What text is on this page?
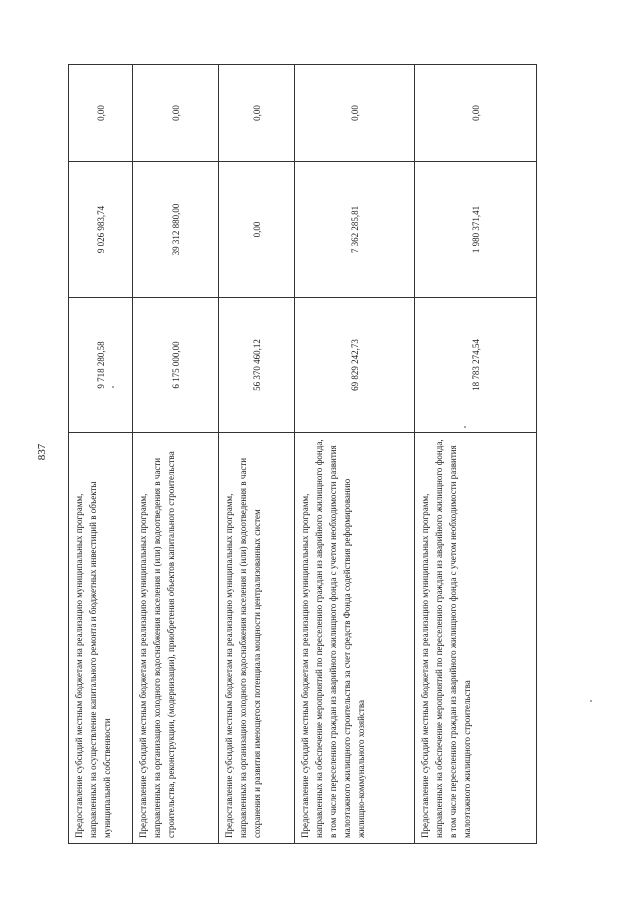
837
Предоставление субсидий местным бюджетам на реализацию муниципальных программ, направленных на осуществление капитального ремонта и бюджетных инвестиций в объекты муниципальной собственности	9 718 280,58	9 026 983,74	0,00
Предоставление субсидий местным бюджетам на реализацию муниципальных программ, направленных на организацию холодного водоснабжения населения и (или) водоотведения в части строительства, реконструкции, (модернизации), приобретения объектов капитального строительства	6 175 000,00	39 312 880,00	0,00
Предоставление субсидий местным бюджетам на реализацию муниципальных программ, направленных на организацию холодного водоснабжения населения и (или) водоотведения в части сохранения и развития имеющегося потенциала мощности централизованных систем	56 370 460,12	0,00	0,00
Предоставление субсидий местным бюджетам на реализацию муниципальных программ, направленных на обеспечение мероприятий по переселению граждан из аварийного жилищного фонда, в том числе переселению граждан из аварийного жилищного фонда с учетом необходимости развития малоэтажного жилищного строительства за счет средств Фонда содействия реформированию жилищно-коммунального хозяйства	69 829 242,73	7 362 285,81	0,00
Предоставление субсидий местным бюджетам на реализацию муниципальных программ, направленных на обеспечение мероприятий по переселению граждан из аварийного жилищного фонда, в том числе переселению граждан из аварийного жилищного фонда с учетом необходимости развития малоэтажного жилищного строительства	18 783 274,54	1 980 371,41	0,00
